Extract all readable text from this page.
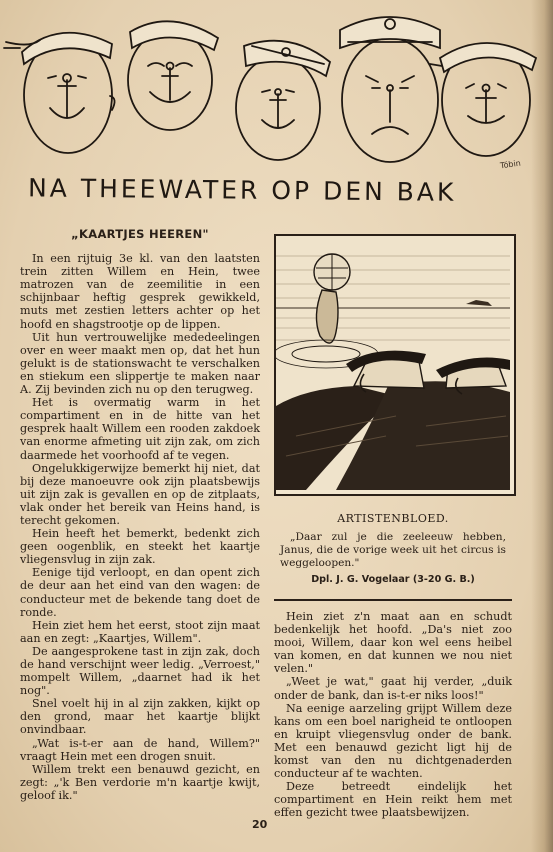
Tóbin
NA THEEWATER OP DEN BAK
„KAARTJES HEEREN"

In een rijtuig 3e kl. van den laatsten trein zitten Willem en Hein, twee matrozen van de zeemilitie in een schijnbaar heftig gesprek gewikkeld, muts met zestien letters achter op het hoofd en shagstrootje op de lippen.

Uit hun vertrouwelijke mededeelingen over en weer maakt men op, dat het hun gelukt is de stationswacht te verschalken en stiekum een slippertje te maken naar A. Zij bevinden zich nu op den terugweg.

Het is overmatig warm in het compartiment en in de hitte van het gesprek haalt Willem een rooden zakdoek van enorme afmeting uit zijn zak, om zich daarmede het voorhoofd af te vegen.

Ongelukkigerwijze bemerkt hij niet, dat bij deze manoeuvre ook zijn plaatsbewijs uit zijn zak is gevallen en op de zitplaats, vlak onder het bereik van Heins hand, is terecht gekomen.

Hein heeft het bemerkt, bedenkt zich geen oogenblik, en steekt het kaartje vliegensvlug in zijn zak.

Eenige tijd verloopt, en dan opent zich de deur aan het eind van den wagen: de conducteur met de bekende tang doet de ronde.

Hein ziet hem het eerst, stoot zijn maat aan en zegt: „Kaartjes, Willem".

De aangesprokene tast in zijn zak, doch de hand verschijnt weer ledig. „Verroest," mompelt Willem, „daarnet had ik het nog".

Snel voelt hij in al zijn zakken, kijkt op den grond, maar het kaartje blijkt onvindbaar.

„Wat is-t-er aan de hand, Willem?" vraagt Hein met een drogen snuit.

Willem trekt een benauwd gezicht, en zegt: „'k Ben verdorie m'n kaartje kwijt, geloof ik."

ARTISTENBLOED.
„Daar zul je die zeeleeuw hebben, Janus, die de vorige week uit het circus is weggeloopen."
Dpl. J. G. Vogelaar (3-20 G. B.)

Hein ziet z'n maat aan en schudt bedenkelijk het hoofd. „Da's niet zoo mooi, Willem, daar kon wel eens heibel van komen, en dat kunnen we nou niet velen."

„Weet je wat," gaat hij verder, „duik onder de bank, dan is-t-er niks loos!"

Na eenige aarzeling grijpt Willem deze kans om een boel narigheid te ontloopen en kruipt vliegensvlug onder de bank. Met een benauwd gezicht ligt hij de komst van den nu dichtgenaderden conducteur af te wachten.

Deze betreedt eindelijk het compartiment en Hein reikt hem met effen gezicht twee plaatsbewijzen.

20
